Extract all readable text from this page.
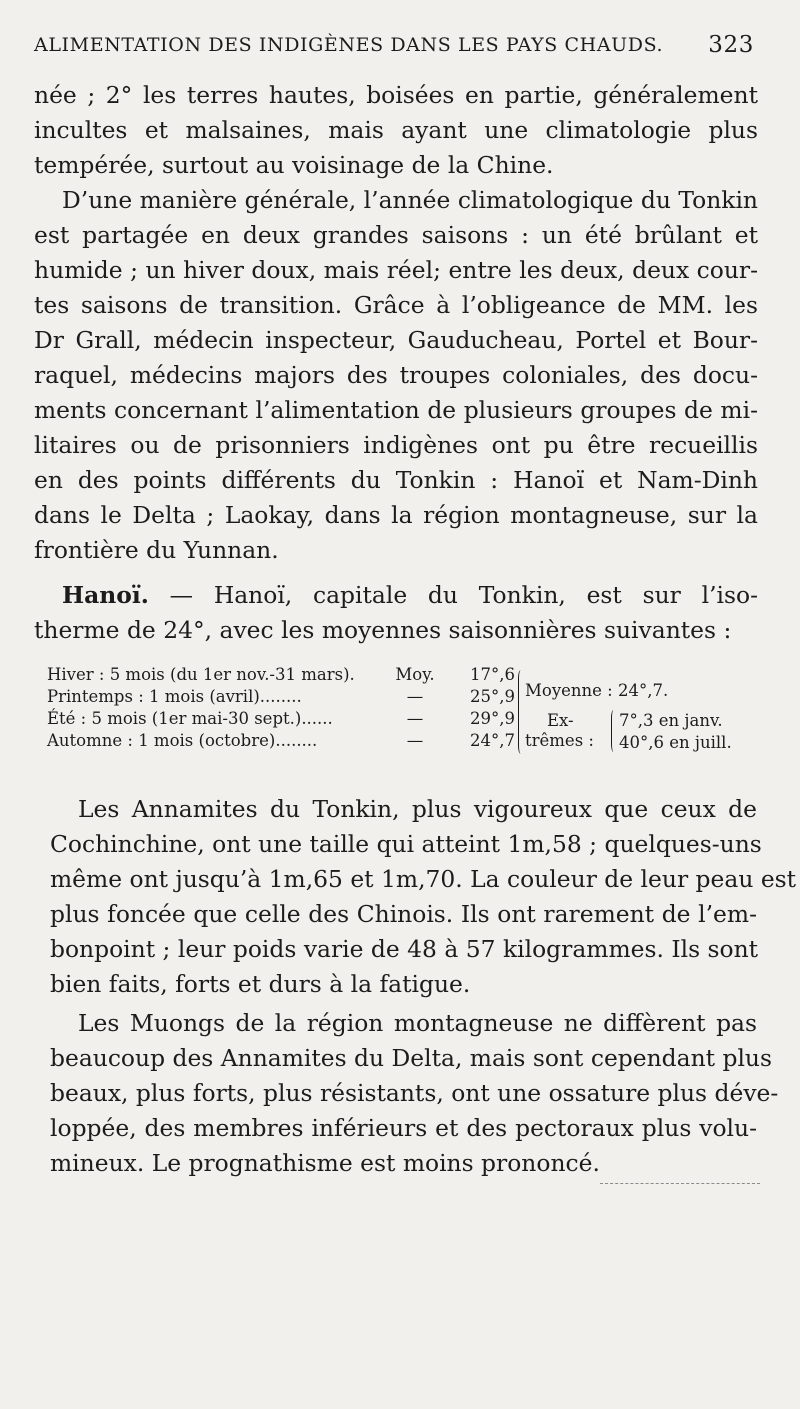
ALIMENTATION DES INDIGÈNES DANS LES PAYS CHAUDS. 323

née ; 2° les terres hautes, boisées en partie, généralement
incultes et malsaines, mais ayant une climatologie plus
tempérée, surtout au voisinage de la Chine.

D’une manière générale, l’année climatologique du Tonkin
est partagée en deux grandes saisons : un été brûlant et
humide ; un hiver doux, mais réel; entre les deux, deux cour-
tes saisons de transition. Grâce à l’obligeance de MM. les
Dr Grall, médecin inspecteur, Gauducheau, Portel et Bour-
raquel, médecins majors des troupes coloniales, des docu-
ments concernant l’alimentation de plusieurs groupes de mi-
litaires ou de prisonniers indigènes ont pu être recueillis
en des points différents du Tonkin : Hanoï et Nam-Dinh
dans le Delta ; Laokay, dans la région montagneuse, sur la
frontière du Yunnan.

Hanoï. — Hanoï, capitale du Tonkin, est sur l’iso-
therme de 24°, avec les moyennes saisonnières suivantes :

Hiver : 5 mois (du 1er nov.-31 mars). Moy. 17°,6
Printemps : 1 mois (avril)........	—	25°,9
Été : 5 mois (1er mai-30 sept.)......	—	29°,9
Automne : 1 mois (octobre)........	—	24°,7
Moyenne : 24°,7.
Ex-
trêmes :
7°,3 en janv.
40°,6 en juill.

Les Annamites du Tonkin, plus vigoureux que ceux de
Cochinchine, ont une taille qui atteint 1m,58 ; quelques-uns
même ont jusqu’à 1m,65 et 1m,70. La couleur de leur peau est
plus foncée que celle des Chinois. Ils ont rarement de l’em-
bonpoint ; leur poids varie de 48 à 57 kilogrammes. Ils sont
bien faits, forts et durs à la fatigue.

Les Muongs de la région montagneuse ne diffèrent pas
beaucoup des Annamites du Delta, mais sont cependant plus
beaux, plus forts, plus résistants, ont une ossature plus déve-
loppée, des membres inférieurs et des pectoraux plus volu-
mineux. Le prognathisme est moins prononcé.
